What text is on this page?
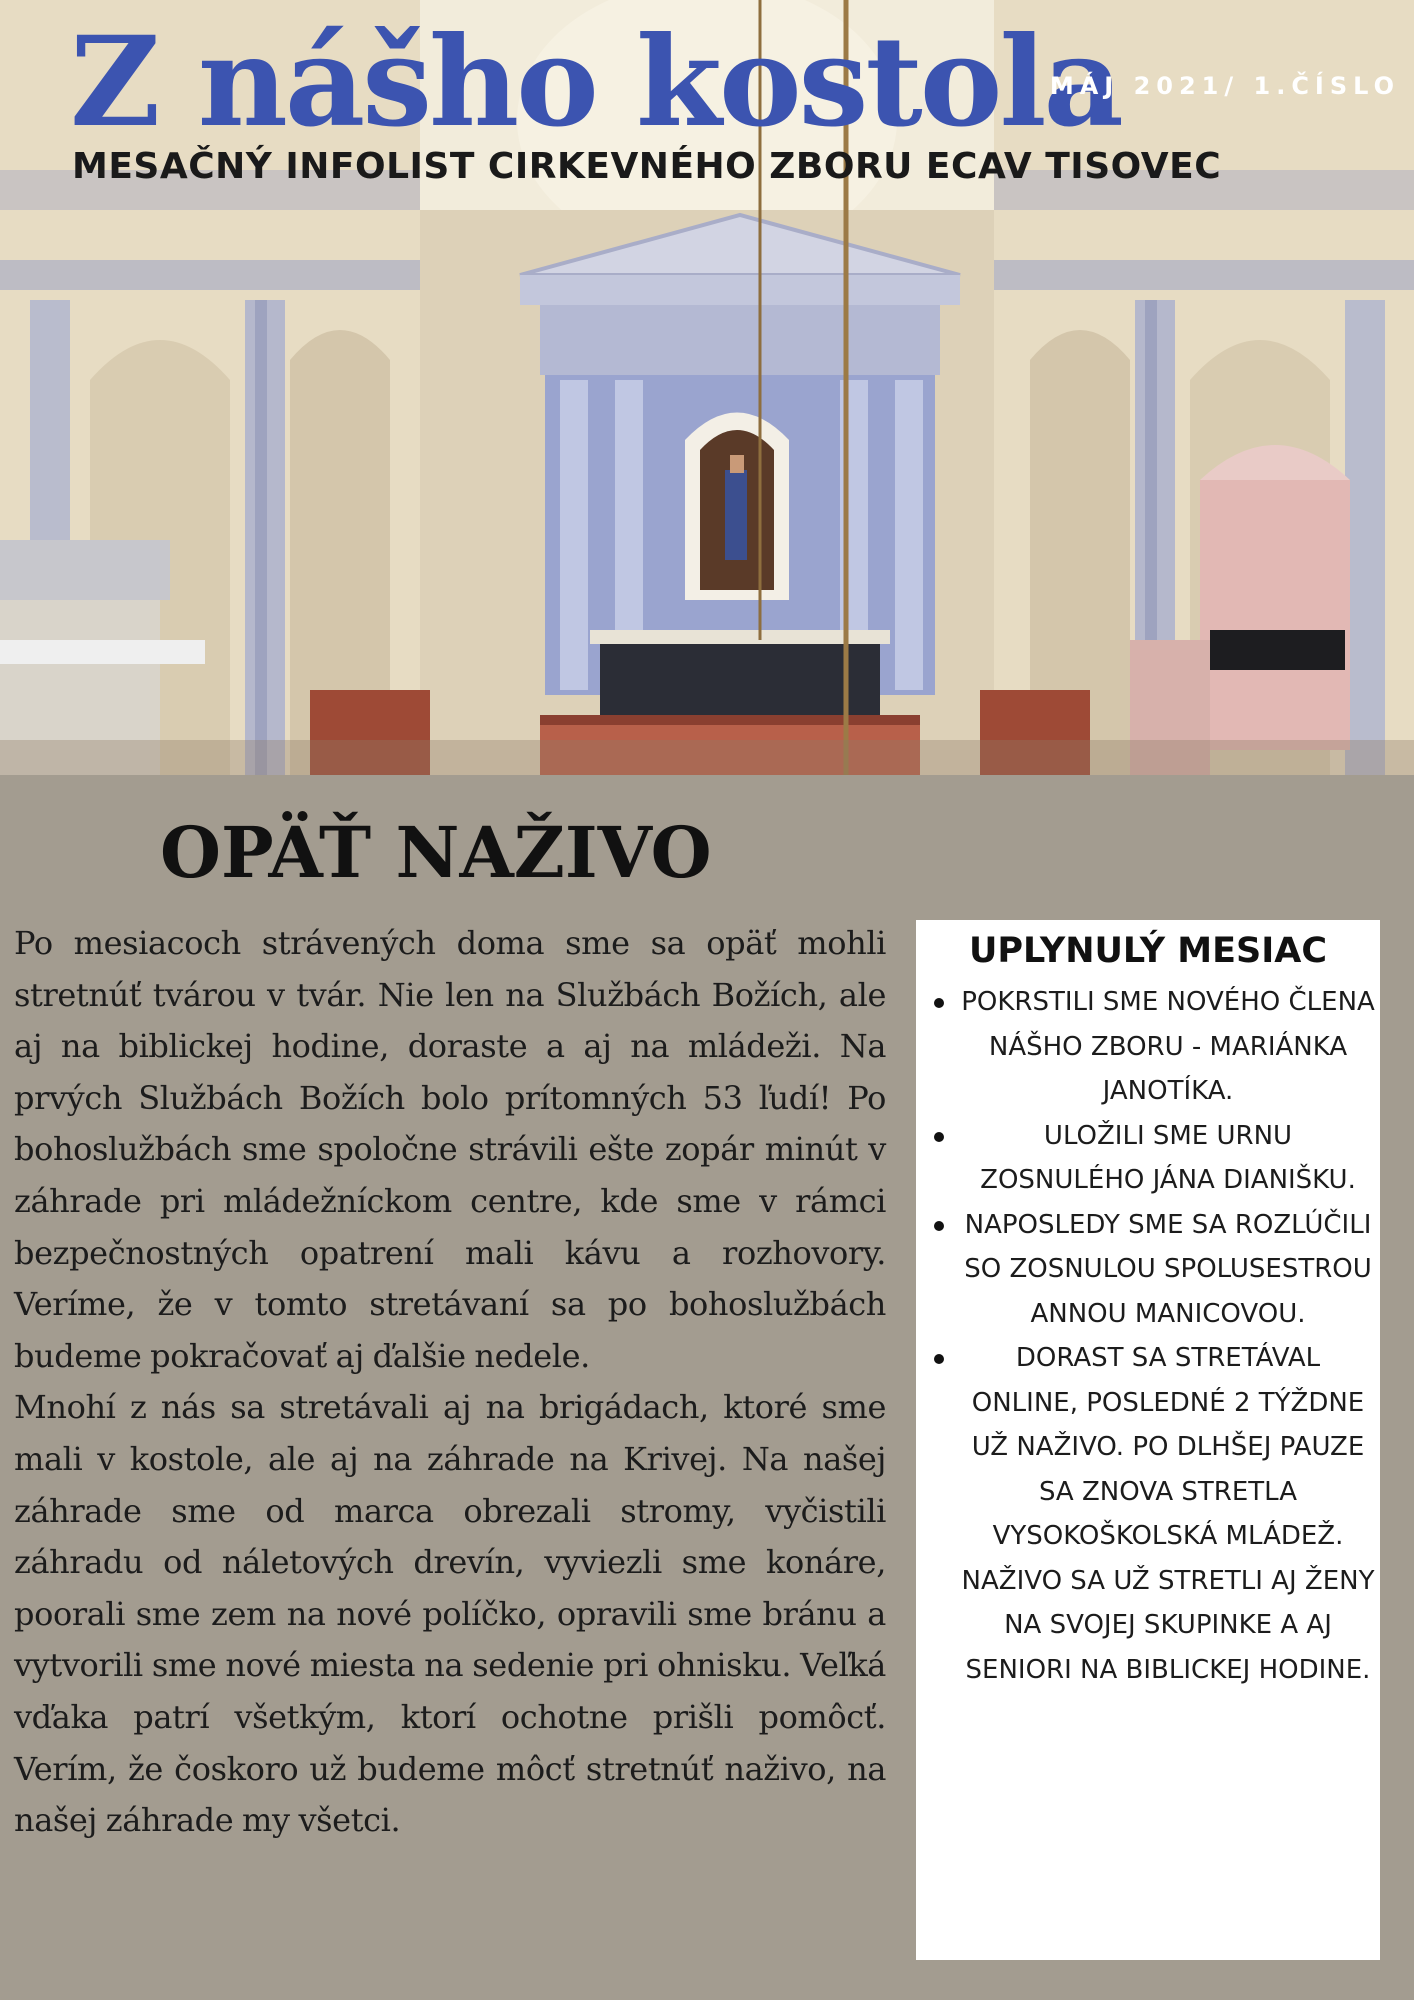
Z nášho kostola
MÁJ 2021/ 1.ČÍSLO
MESAČNÝ INFOLIST CIRKEVNÉHO ZBORU ECAV TISOVEC
OPÄŤ NAŽIVO

Po mesiacoch strávených doma sme sa opäť mohli stretnúť tvárou v tvár. Nie len na Službách Božích, ale aj na biblickej hodine, doraste a aj na mládeži. Na prvých Službách Božích bolo prítomných 53 ľudí! Po bohoslužbách sme spoločne strávili ešte zopár minút v záhrade pri mládežníckom centre, kde sme v rámci bezpečnostných opatrení mali kávu a rozhovory. Veríme, že v tomto stretávaní sa po bohoslužbách budeme pokračovať aj ďalšie nedele.

Mnohí z nás sa stretávali aj na brigádach, ktoré sme mali v kostole, ale aj na záhrade na Krivej. Na našej záhrade sme od marca obrezali stromy, vyčistili záhradu od náletových drevín, vyviezli sme konáre, poorali sme zem na nové políčko, opravili sme bránu a vytvorili sme nové miesta na sedenie pri ohnisku. Veľká vďaka patrí všetkým, ktorí ochotne prišli pomôcť. Verím, že čoskoro už budeme môcť stretnúť naživo, na našej záhrade my všetci.

UPLYNULÝ MESIAC
POKRSTILI SME NOVÉHO ČLENA NÁŠHO ZBORU - MARIÁNKA JANOTÍKA.
ULOŽILI SME URNU ZOSNULÉHO JÁNA DIANIŠKU.
NAPOSLEDY SME SA ROZLÚČILI SO ZOSNULOU SPOLUSESTROU ANNOU MANICOVOU.
DORAST SA STRETÁVAL ONLINE, POSLEDNÉ 2 TÝŽDNE UŽ NAŽIVO. PO DLHŠEJ PAUZE SA ZNOVA STRETLA VYSOKOŠKOLSKÁ MLÁDEŽ. NAŽIVO SA UŽ STRETLI AJ ŽENY NA SVOJEJ SKUPINKE A AJ SENIORI NA BIBLICKEJ HODINE.
